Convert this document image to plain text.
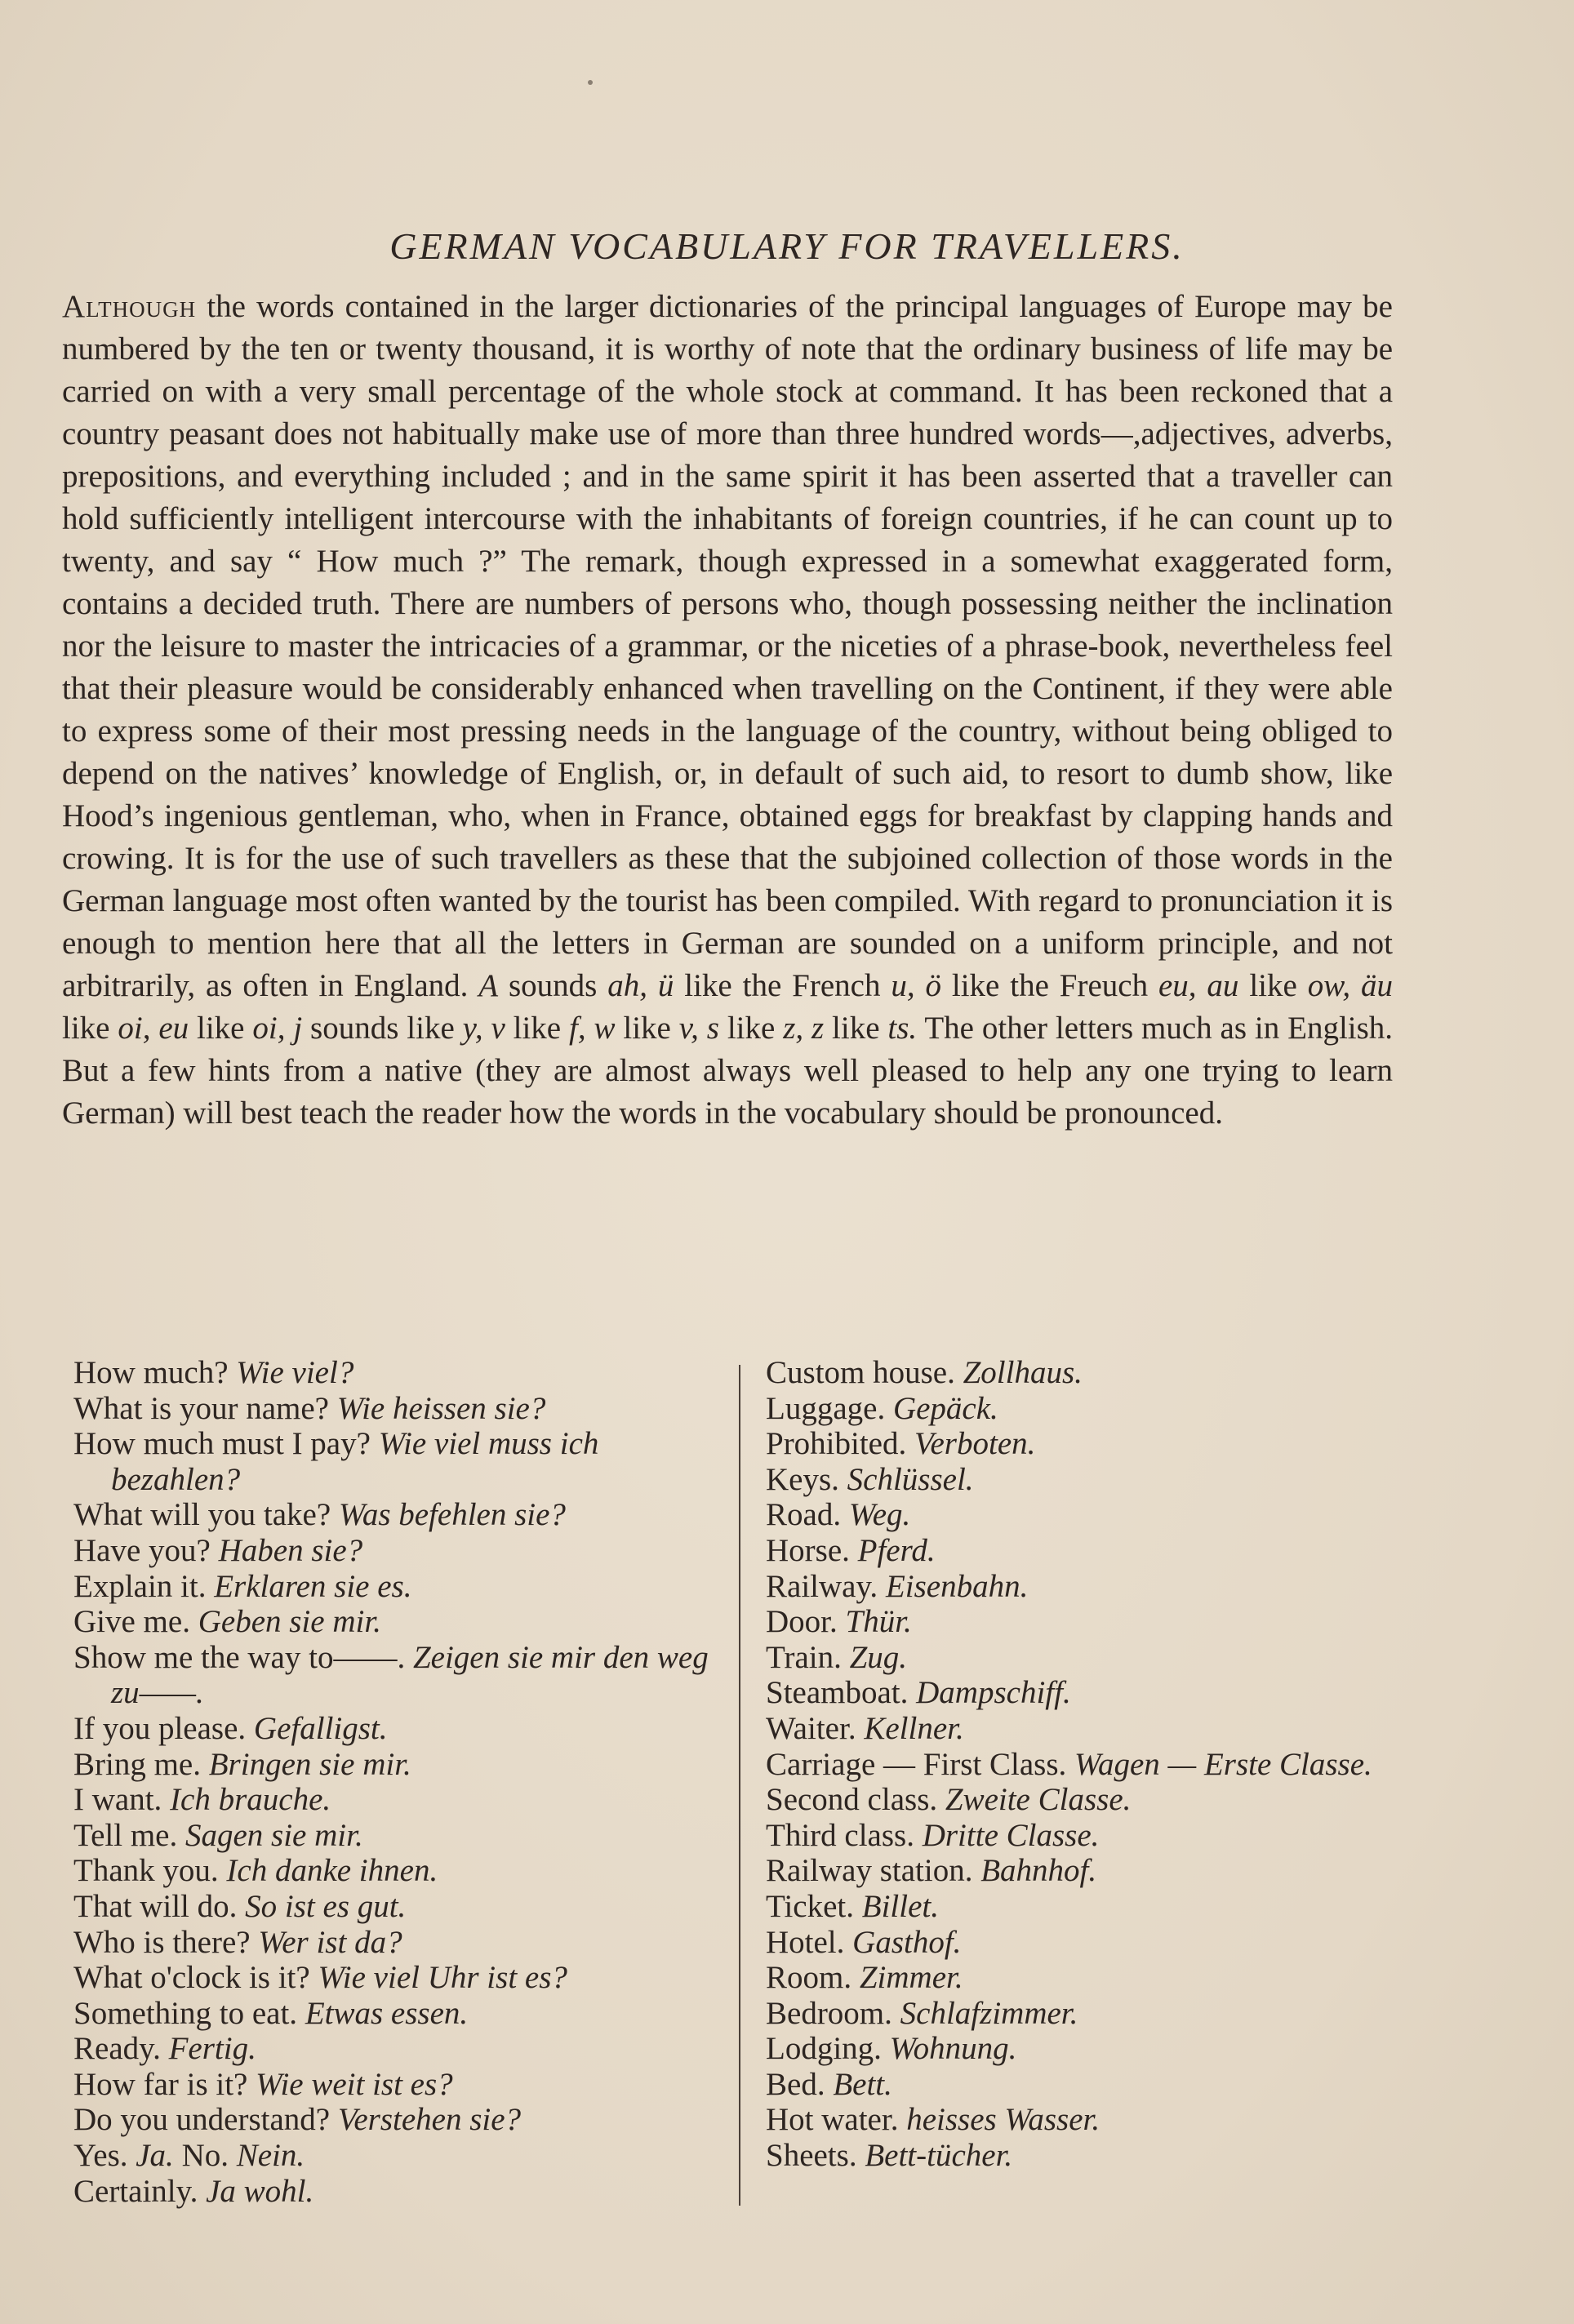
GERMAN VOCABULARY FOR TRAVELLERS.

Although the words contained in the larger dictionaries of the principal languages of Europe may be numbered by the ten or twenty thousand, it is worthy of note that the ordinary business of life may be carried on with a very small percentage of the whole stock at command. It has been reckoned that a country peasant does not habitually make use of more than three hundred words—,adjectives, adverbs, prepositions, and everything included ; and in the same spirit it has been asserted that a traveller can hold sufficiently intelligent intercourse with the inhabitants of foreign countries, if he can count up to twenty, and say “ How much ?” The remark, though expressed in a somewhat exaggerated form, contains a decided truth. There are numbers of persons who, though possessing neither the inclination nor the leisure to master the intricacies of a grammar, or the niceties of a phrase-book, nevertheless feel that their pleasure would be considerably enhanced when travelling on the Continent, if they were able to express some of their most pressing needs in the language of the country, without being obliged to depend on the natives’ knowledge of English, or, in default of such aid, to resort to dumb show, like Hood’s ingenious gentleman, who, when in France, obtained eggs for breakfast by clapping hands and crowing. It is for the use of such travellers as these that the subjoined collection of those words in the German language most often wanted by the tourist has been compiled. With regard to pronunciation it is enough to mention here that all the letters in German are sounded on a uniform principle, and not arbitrarily, as often in England. A sounds ah, ü like the French u, ö like the Freuch eu, au like ow, äu like oi, eu like oi, j sounds like y, v like f, w like v, s like z, z like ts. The other letters much as in English. But a few hints from a native (they are almost always well pleased to help any one trying to learn German) will best teach the reader how the words in the vocabulary should be pronounced.

How much? Wie viel?
What is your name? Wie heissen sie?
How much must I pay? Wie viel muss ich bezahlen?
What will you take? Was befehlen sie?
Have you? Haben sie?
Explain it. Erklaren sie es.
Give me. Geben sie mir.
Show me the way to——. Zeigen sie mir den weg zu——.
If you please. Gefalligst.
Bring me. Bringen sie mir.
I want. Ich brauche.
Tell me. Sagen sie mir.
Thank you. Ich danke ihnen.
That will do. So ist es gut.
Who is there? Wer ist da?
What o'clock is it? Wie viel Uhr ist es?
Something to eat. Etwas essen.
Ready. Fertig.
How far is it? Wie weit ist es?
Do you understand? Verstehen sie?
Yes. Ja. No. Nein.
Certainly. Ja wohl.
Custom house. Zollhaus.
Luggage. Gepäck.
Prohibited. Verboten.
Keys. Schlüssel.
Road. Weg.
Horse. Pferd.
Railway. Eisenbahn.
Door. Thür.
Train. Zug.
Steamboat. Dampschiff.
Waiter. Kellner.
Carriage — First Class. Wagen — Erste Classe.
Second class. Zweite Classe.
Third class. Dritte Classe.
Railway station. Bahnhof.
Ticket. Billet.
Hotel. Gasthof.
Room. Zimmer.
Bedroom. Schlafzimmer.
Lodging. Wohnung.
Bed. Bett.
Hot water. heisses Wasser.
Sheets. Bett-tücher.
